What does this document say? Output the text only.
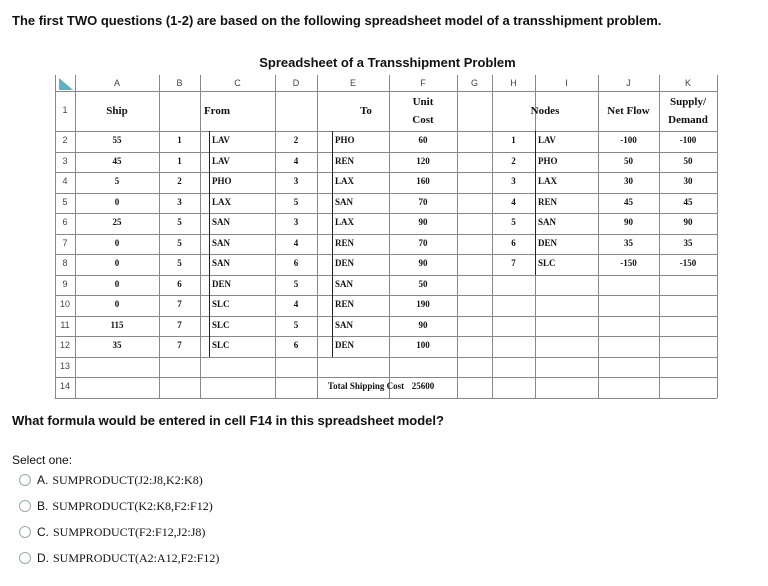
The first TWO questions (1-2) are based on the following spreadsheet model of a transshipment problem.
Spreadsheet of a Transshipment Problem
A	B	C	D	E	F	G	H	I	J	K
1
2
3
4
5
6
7
8
9
10
11
12
13
14
Ship	From	To
Unit
Cost
Nodes	Net Flow
Supply/
Demand
55	1	LAV	2	PHO	60	1	LAV	-100	-100
45	1	LAV	4	REN	120	2	PHO	50	50
5	2	PHO	3	LAX	160	3	LAX	30	30
0	3	LAX	5	SAN	70	4	REN	45	45
25	5	SAN	3	LAX	90	5	SAN	90	90
0	5	SAN	4	REN	70	6	DEN	35	35
0	5	SAN	6	DEN	90	7	SLC	-150	-150
0	6	DEN	5	SAN	50
0	7	SLC	4	REN	190
115	7	SLC	5	SAN	90
35	7	SLC	6	DEN	100
Total Shipping Cost 25600
What formula would be entered in cell F14 in this spreadsheet model?
Select one:
A. SUMPRODUCT(J2:J8,K2:K8)
B. SUMPRODUCT(K2:K8,F2:F12)
C. SUMPRODUCT(F2:F12,J2:J8)
D. SUMPRODUCT(A2:A12,F2:F12)
